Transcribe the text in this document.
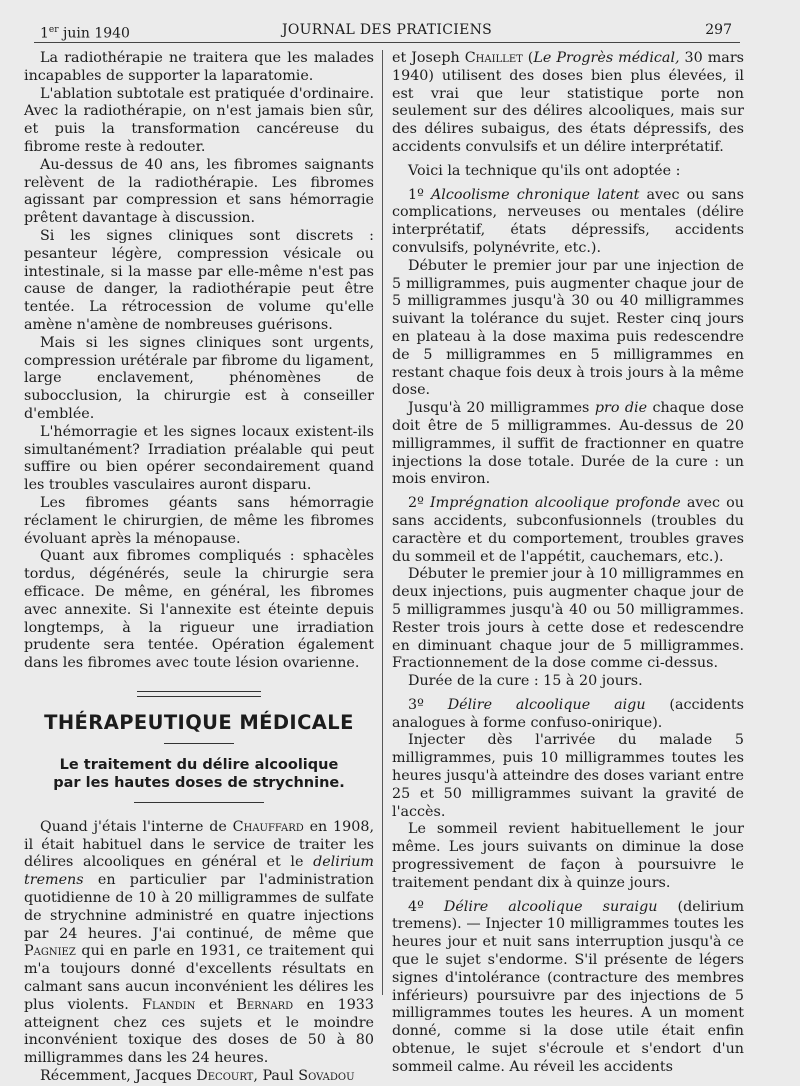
1er juin 1940	JOURNAL DES PRATICIENS	297

La radiothérapie ne traitera que les malades incapables de supporter la laparatomie.

L'ablation subtotale est pratiquée d'ordinaire. Avec la radiothérapie, on n'est jamais bien sûr, et puis la transformation cancéreuse du fibrome reste à redouter.

Au-dessus de 40 ans, les fibromes saignants relèvent de la radiothérapie. Les fibromes agissant par compression et sans hémorragie prêtent davantage à discussion.

Si les signes cliniques sont discrets : pesanteur légère, compression vésicale ou intestinale, si la masse par elle-même n'est pas cause de danger, la radiothérapie peut être tentée. La rétrocession de volume qu'elle amène n'amène de nombreuses guérisons.

Mais si les signes cliniques sont urgents, compression urétérale par fibrome du ligament, large enclavement, phénomènes de subocclusion, la chirurgie est à conseiller d'emblée.

L'hémorragie et les signes locaux existent-ils simultanément? Irradiation préalable qui peut suffire ou bien opérer secondairement quand les troubles vasculaires auront disparu.

Les fibromes géants sans hémorragie réclament le chirurgien, de même les fibromes évoluant après la ménopause.

Quant aux fibromes compliqués : sphacèles tordus, dégénérés, seule la chirurgie sera efficace. De même, en général, les fibromes avec annexite. Si l'annexite est éteinte depuis longtemps, à la rigueur une irradiation prudente sera tentée. Opération également dans les fibromes avec toute lésion ovarienne.

THÉRAPEUTIQUE MÉDICALE
Le traitement du délire alcoolique
par les hautes doses de strychnine.

Quand j'étais l'interne de Chauffard en 1908, il était habituel dans le service de traiter les délires alcooliques en général et le delirium tremens en particulier par l'administration quotidienne de 10 à 20 milligrammes de sulfate de strychnine administré en quatre injections par 24 heures. J'ai continué, de même que Pagniez qui en parle en 1931, ce traitement qui m'a toujours donné d'excellents résultats en calmant sans aucun inconvénient les délires les plus violents. Flandin et Bernard en 1933 atteignent chez ces sujets et le moindre inconvénient toxique des doses de 50 à 80 milligrammes dans les 24 heures.

Récemment, Jacques Decourt, Paul Sovadou

et Joseph Chaillet (Le Progrès médical, 30 mars 1940) utilisent des doses bien plus élevées, il est vrai que leur statistique porte non seulement sur des délires alcooliques, mais sur des délires subaigus, des états dépressifs, des accidents convulsifs et un délire interprétatif.

Voici la technique qu'ils ont adoptée :

1º Alcoolisme chronique latent avec ou sans complications, nerveuses ou mentales (délire interprétatif, états dépressifs, accidents convulsifs, polynévrite, etc.).

Débuter le premier jour par une injection de 5 milligrammes, puis augmenter chaque jour de 5 milligrammes jusqu'à 30 ou 40 milligrammes suivant la tolérance du sujet. Rester cinq jours en plateau à la dose maxima puis redescendre de 5 milligrammes en 5 milligrammes en restant chaque fois deux à trois jours à la même dose.

Jusqu'à 20 milligrammes pro die chaque dose doit être de 5 milligrammes. Au-dessus de 20 milligrammes, il suffit de fractionner en quatre injections la dose totale. Durée de la cure : un mois environ.

2º Imprégnation alcoolique profonde avec ou sans accidents, subconfusionnels (troubles du caractère et du comportement, troubles graves du sommeil et de l'appétit, cauchemars, etc.).

Débuter le premier jour à 10 milligrammes en deux injections, puis augmenter chaque jour de 5 milligrammes jusqu'à 40 ou 50 milligrammes. Rester trois jours à cette dose et redescendre en diminuant chaque jour de 5 milligrammes. Fractionnement de la dose comme ci-dessus.

Durée de la cure : 15 à 20 jours.

3º Délire alcoolique aigu (accidents analogues à forme confuso-onirique).

Injecter dès l'arrivée du malade 5 milligrammes, puis 10 milligrammes toutes les heures jusqu'à atteindre des doses variant entre 25 et 50 milligrammes suivant la gravité de l'accès.

Le sommeil revient habituellement le jour même. Les jours suivants on diminue la dose progressivement de façon à poursuivre le traitement pendant dix à quinze jours.

4º Délire alcoolique suraigu (delirium tremens). — Injecter 10 milligrammes toutes les heures jour et nuit sans interruption jusqu'à ce que le sujet s'endorme. S'il présente de légers signes d'intolérance (contracture des membres inférieurs) poursuivre par des injections de 5 milligrammes toutes les heures. A un moment donné, comme si la dose utile était enfin obtenue, le sujet s'écroule et s'endort d'un sommeil calme. Au réveil les accidents
